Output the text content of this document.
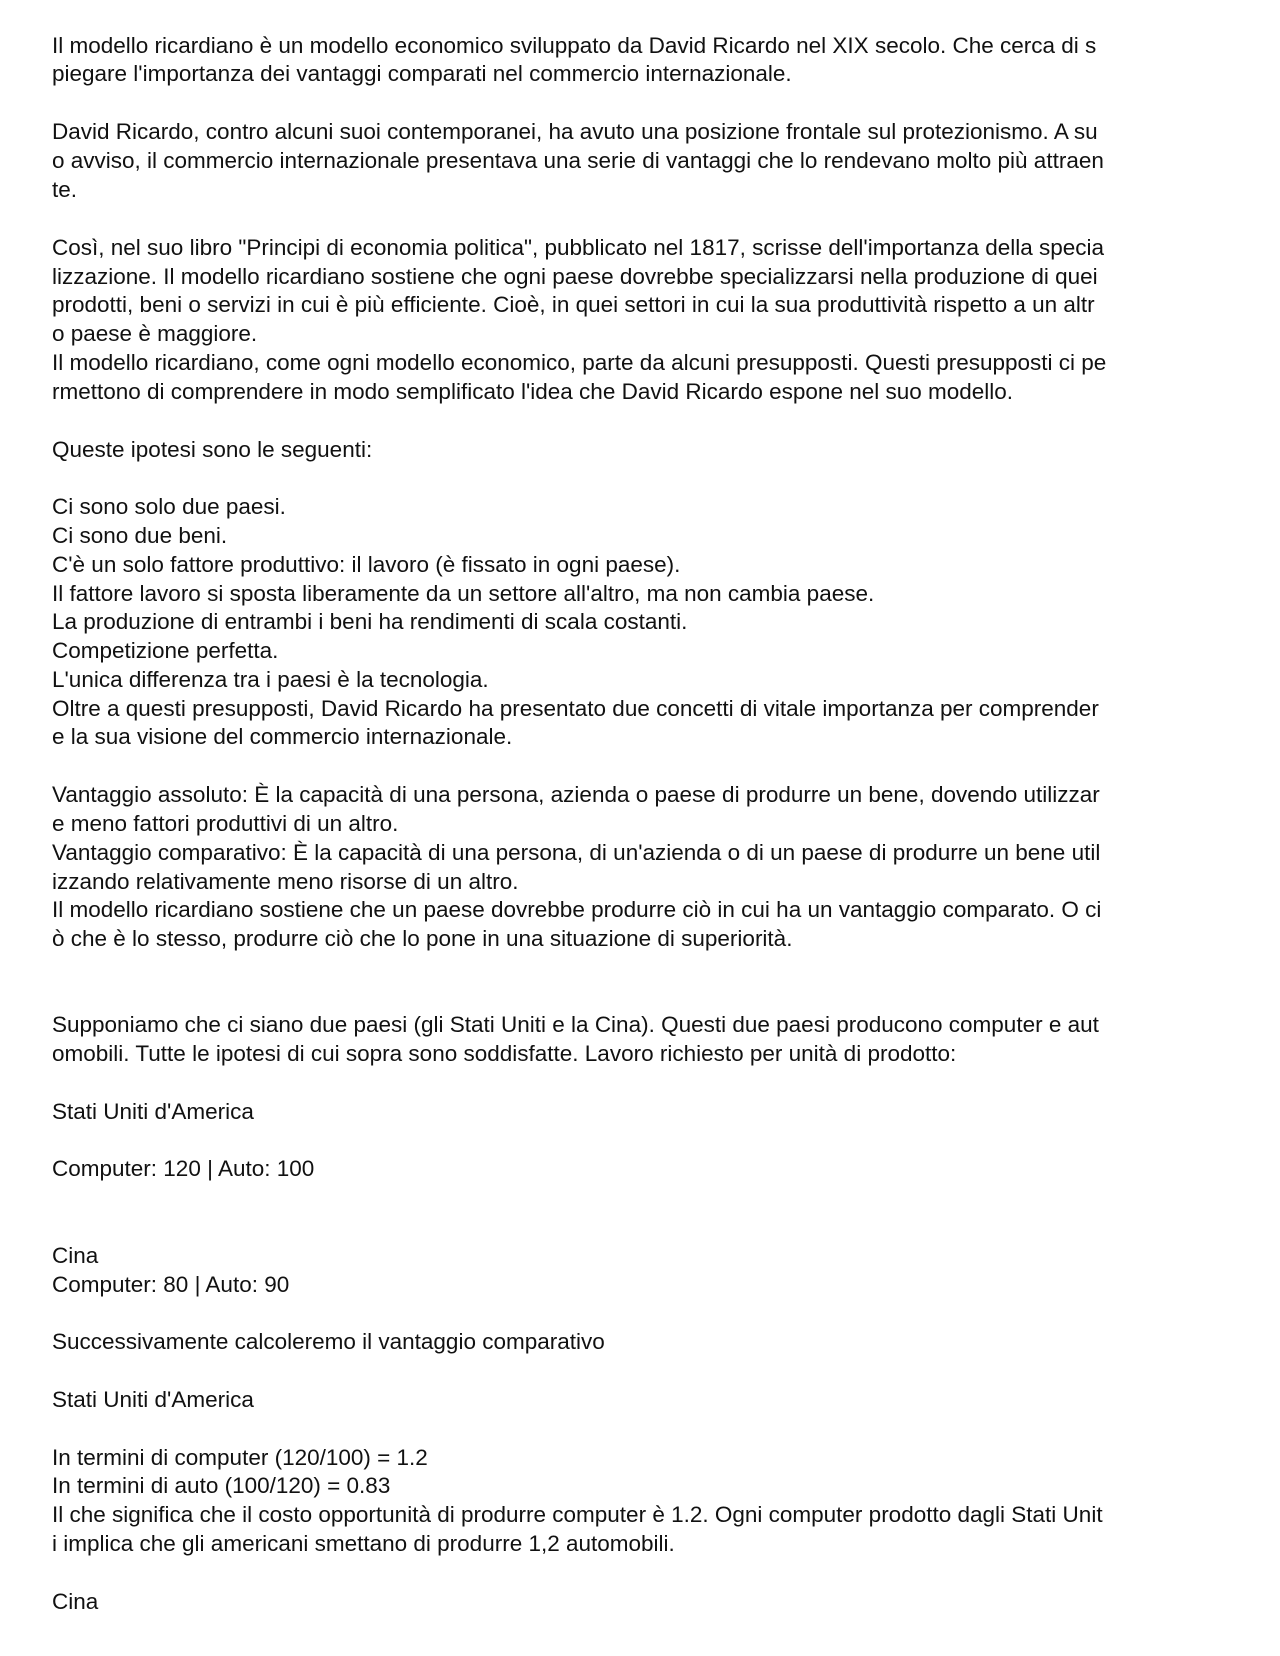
Il modello ricardiano è un modello economico sviluppato da David Ricardo nel XIX secolo. Che cerca di s
piegare l'importanza dei vantaggi comparati nel commercio internazionale.
David Ricardo, contro alcuni suoi contemporanei, ha avuto una posizione frontale sul protezionismo. A su
o avviso, il commercio internazionale presentava una serie di vantaggi che lo rendevano molto più attraen
te.
Così, nel suo libro "Principi di economia politica", pubblicato nel 1817, scrisse dell'importanza della specia
lizzazione. Il modello ricardiano sostiene che ogni paese dovrebbe specializzarsi nella produzione di quei
prodotti, beni o servizi in cui è più efficiente. Cioè, in quei settori in cui la sua produttività rispetto a un altr
o paese è maggiore.
Il modello ricardiano, come ogni modello economico, parte da alcuni presupposti. Questi presupposti ci pe
rmettono di comprendere in modo semplificato l'idea che David Ricardo espone nel suo modello.
Queste ipotesi sono le seguenti:
Ci sono solo due paesi.
Ci sono due beni.
C'è un solo fattore produttivo: il lavoro (è fissato in ogni paese).
Il fattore lavoro si sposta liberamente da un settore all'altro, ma non cambia paese.
La produzione di entrambi i beni ha rendimenti di scala costanti.
Competizione perfetta.
L'unica differenza tra i paesi è la tecnologia.
Oltre a questi presupposti, David Ricardo ha presentato due concetti di vitale importanza per comprender
e la sua visione del commercio internazionale.
Vantaggio assoluto: È la capacità di una persona, azienda o paese di produrre un bene, dovendo utilizzar
e meno fattori produttivi di un altro.
Vantaggio comparativo: È la capacità di una persona, di un'azienda o di un paese di produrre un bene util
izzando relativamente meno risorse di un altro.
Il modello ricardiano sostiene che un paese dovrebbe produrre ciò in cui ha un vantaggio comparato. O ci
ò che è lo stesso, produrre ciò che lo pone in una situazione di superiorità.
Supponiamo che ci siano due paesi (gli Stati Uniti e la Cina). Questi due paesi producono computer e aut
omobili. Tutte le ipotesi di cui sopra sono soddisfatte. Lavoro richiesto per unità di prodotto:
Stati Uniti d'America
Computer: 120 | Auto: 100
Cina
Computer: 80 | Auto: 90
Successivamente calcoleremo il vantaggio comparativo
Stati Uniti d'America
In termini di computer (120/100) = 1.2
In termini di auto (100/120) = 0.83
Il che significa che il costo opportunità di produrre computer è 1.2. Ogni computer prodotto dagli Stati Unit
i implica che gli americani smettano di produrre 1,2 automobili.
Cina
